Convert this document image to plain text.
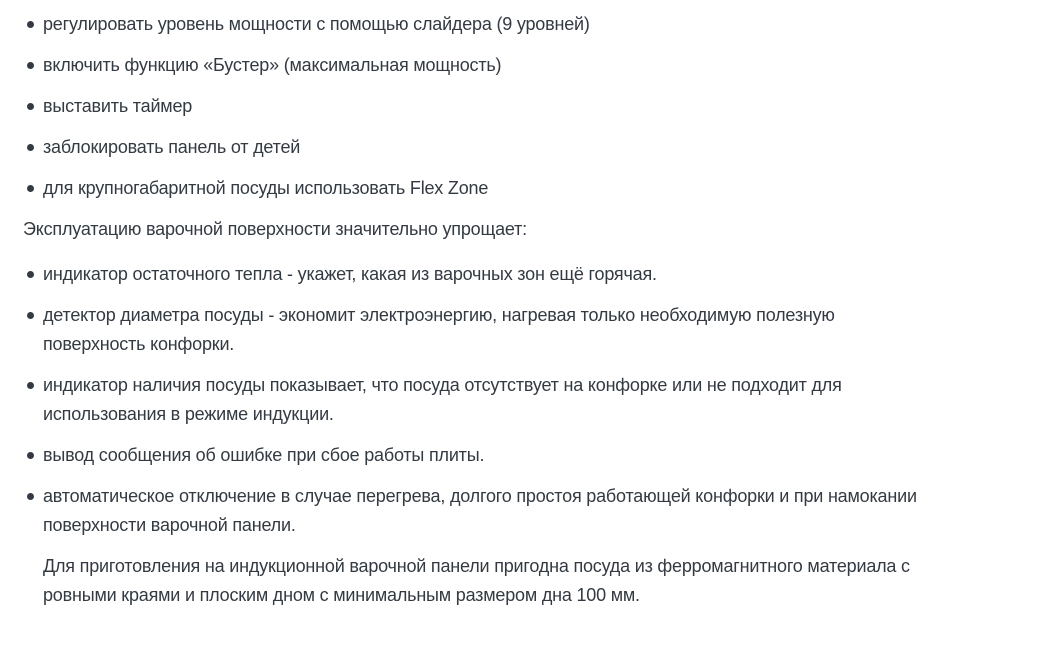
регулировать уровень мощности с помощью слайдера (9 уровней)
включить функцию «Бустер» (максимальная мощность)
выставить таймер
заблокировать панель от детей
для крупногабаритной посуды использовать Flex Zone

Эксплуатацию варочной поверхности значительно упрощает:

индикатор остаточного тепла - укажет, какая из варочных зон ещё горячая.
детектор диаметра посуды - экономит электроэнергию, нагревая только необходимую полезную
поверхность конфорки.
индикатор наличия посуды показывает, что посуда отсутствует на конфорке или не подходит для
использования в режиме индукции.
вывод сообщения об ошибке при сбое работы плиты.
автоматическое отключение в случае перегрева, долгого простоя работающей конфорки и при намокании
поверхности варочной панели.

Для приготовления на индукционной варочной панели пригодна посуда из ферромагнитного материала с
ровными краями и плоским дном с минимальным размером дна 100 мм.
